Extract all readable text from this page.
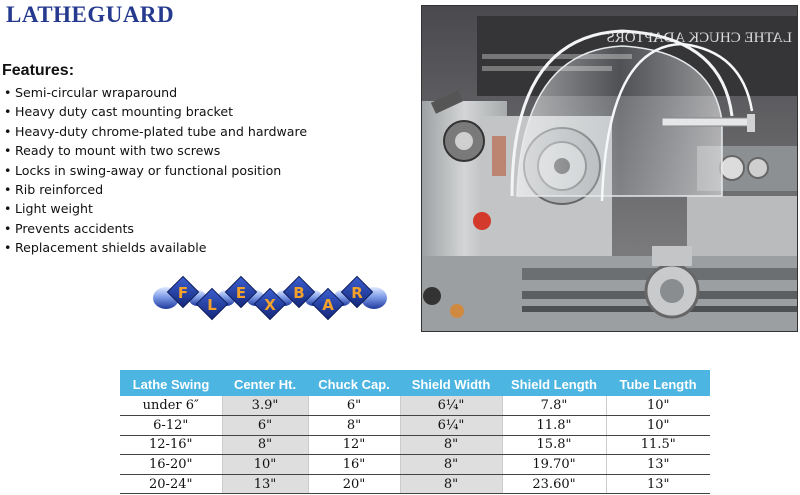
LATHEGUARD
Features:
• Semi-circular wraparound
• Heavy duty cast mounting bracket
• Heavy-duty chrome-plated tube and hardware
• Ready to mount with two screws
• Locks in swing-away or functional position
• Rib reinforced
• Light weight
• Prevents accidents
• Replacement shields available
F
L
E
X
B
A
R
LATHE CHUCK ADAPTORS
Lathe Swing	Center Ht.	Chuck Cap.	Shield Width	Shield Length	Tube Length
under 6″	3.9"	6"	6¼"	7.8"	10"
6-12"	6"	8"	6¼"	11.8"	10"
12-16"	8"	12"	8"	15.8"	11.5"
16-20"	10"	16"	8"	19.70"	13"
20-24"	13"	20"	8"	23.60"	13"
